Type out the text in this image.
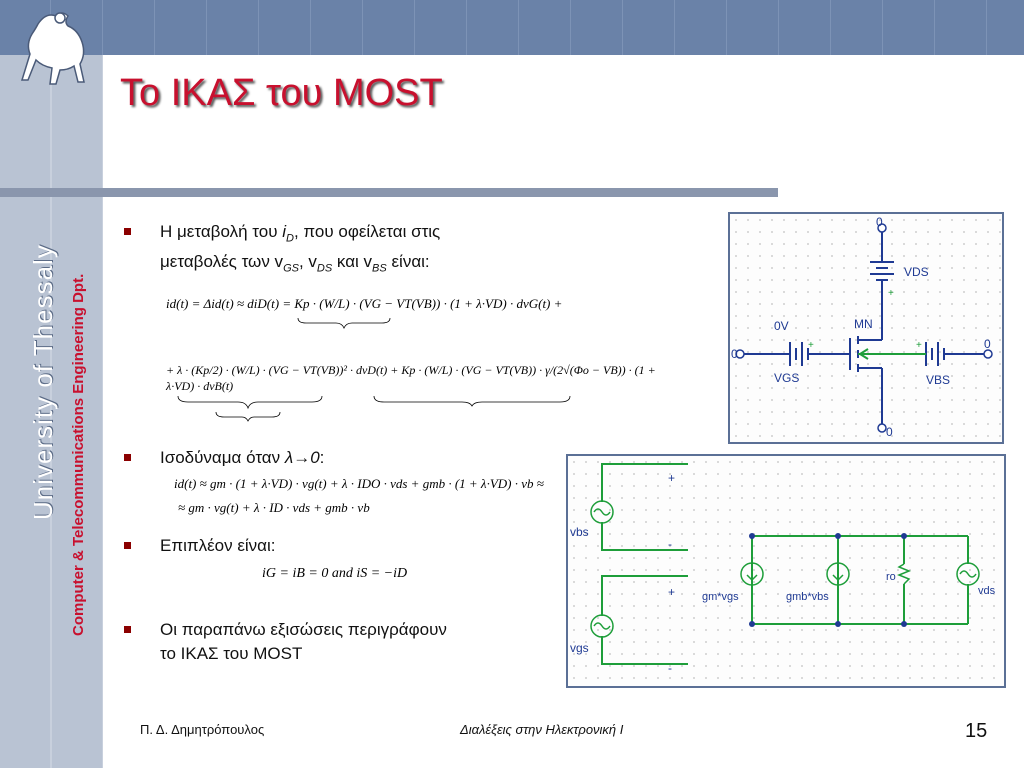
University of Thessaly Computer & Telecommunications Engineering Dpt.
Το ΙΚΑΣ του MOST
Η μεταβολή του $i_D$, που οφείλεται στις
μεταβολές των $v_{GS}$, $v_{DS}$ και $v_{BS}$ είναι:
id(t) = Δid(t) ≈ diD(t) = Kp · (W/L) · (VG − VT(VB)) · (1 + λ·VD) · dvG(t) +
+ λ · (Kp/2) · (W/L) · (VG − VT(VB))² · dvD(t) + Kp · (W/L) · (VG − VT(VB)) · γ/(2√(Φo − VB)) · (1 + λ·VD) · dvB(t)
Ισοδύναμα όταν λ→0:
id(t) ≈ gm · (1 + λ·VD) · vg(t) + λ · IDO · vds + gmb · (1 + λ·VD) · vb ≈
≈ gm · vg(t) + λ · ID · vds + gmb · vb
Επιπλέον είναι:
iG = iB = 0 and iS = −iD
Οι παραπάνω εξισώσεις περιγράφουν
το ΙΚΑΣ του MOST
0
VDS
MN
0V
VGS	VBS
0
0
0
+
+	+
vbs
vgs
gm*vgs	gmb*vbs
ro
vds
+
-
+
-
Π. Δ. Δημητρόπουλος	Διαλέξεις στην Ηλεκτρονική Ι	15
